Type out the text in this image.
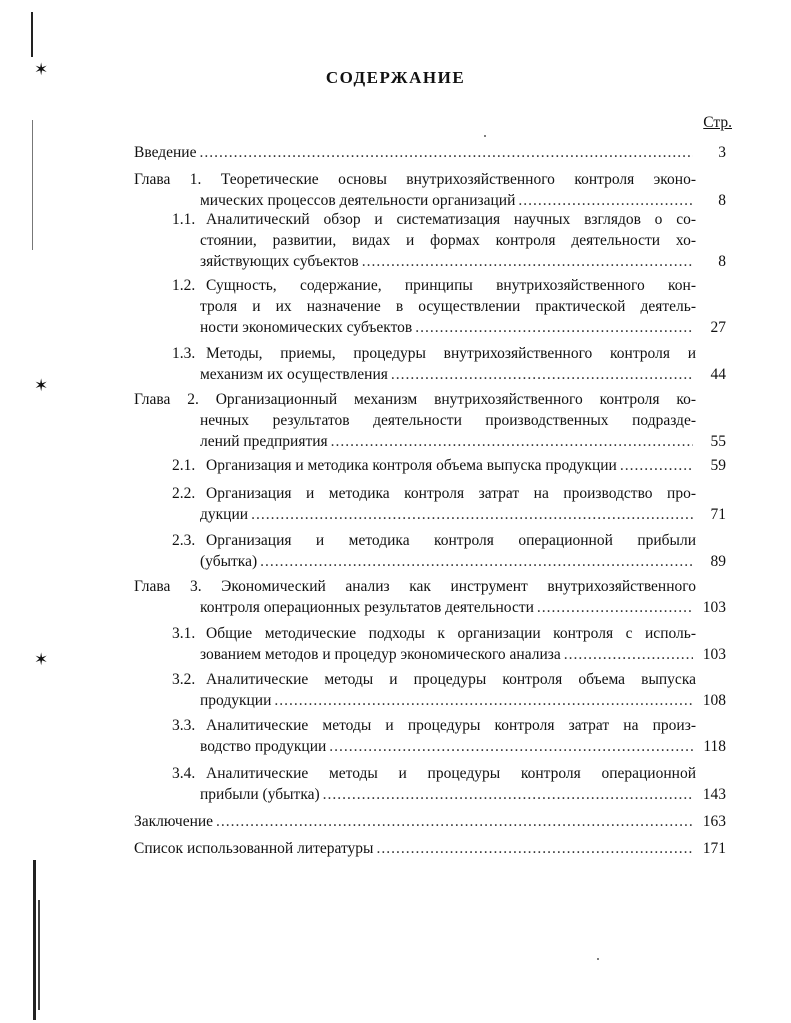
✶
✶
✶
СОДЕРЖАНИЕ
Стр.
Введение .....	3
Глава 1. Теоретические основы внутрихозяйственного контроля эконо-
мических процессов деятельности организаций .....	8
1.1. Аналитический обзор и систематизация научных взглядов о со-
стоянии, развитии, видах и формах контроля деятельности хо-
зяйствующих субъектов .....	8
1.2. Сущность, содержание, принципы внутрихозяйственного кон-
троля и их назначение в осуществлении практической деятель-
ности экономических субъектов .....	27
1.3. Методы, приемы, процедуры внутрихозяйственного контроля и
механизм их осуществления .....	44
Глава 2. Организационный механизм внутрихозяйственного контроля ко-
нечных результатов деятельности производственных подразде-
лений предприятия .....	55
2.1. Организация и методика контроля объема выпуска продукции .....	59
2.2. Организация и методика контроля затрат на производство про-
дукции .....	71
2.3. Организация и методика контроля операционной прибыли
(убытка) .....	89
Глава 3. Экономический анализ как инструмент внутрихозяйственного
контроля операционных результатов деятельности .....	103
3.1. Общие методические подходы к организации контроля с исполь-
зованием методов и процедур экономического анализа .....	103
3.2. Аналитические методы и процедуры контроля объема выпуска
продукции .....	108
3.3. Аналитические методы и процедуры контроля затрат на произ-
водство продукции .....	118
3.4. Аналитические методы и процедуры контроля операционной
прибыли (убытка) .....	143
Заключение .....	163
Список использованной литературы .....	171
